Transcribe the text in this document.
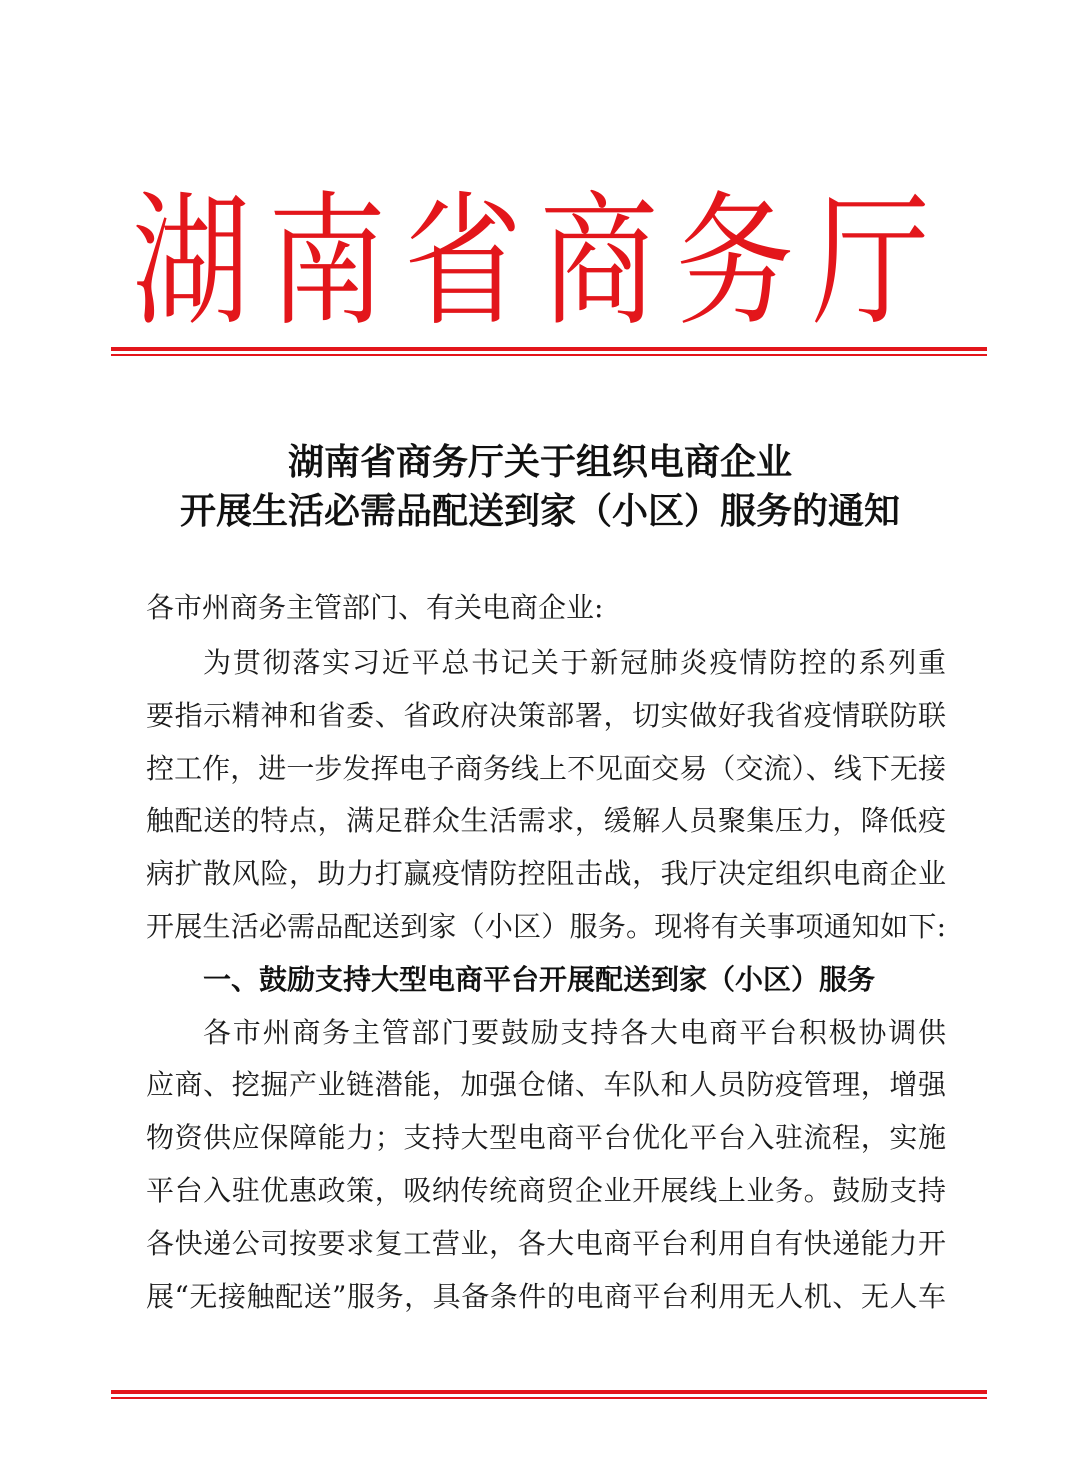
湖南省商务厅
湖南省商务厅关于组织电商企业
开展生活必需品配送到家（小区）服务的通知
各市州商务主管部门、有关电商企业:
为贯彻落实习近平总书记关于新冠肺炎疫情防控的系列重
要指示精神和省委、省政府决策部署，切实做好我省疫情联防联
控工作，进一步发挥电子商务线上不见面交易（交流）、线下无接
触配送的特点，满足群众生活需求，缓解人员聚集压力，降低疫
病扩散风险，助力打赢疫情防控阻击战，我厅决定组织电商企业
开展生活必需品配送到家（小区）服务。现将有关事项通知如下:
一、鼓励支持大型电商平台开展配送到家（小区）服务
各市州商务主管部门要鼓励支持各大电商平台积极协调供
应商、挖掘产业链潜能，加强仓储、车队和人员防疫管理，增强
物资供应保障能力；支持大型电商平台优化平台入驻流程，实施
平台入驻优惠政策，吸纳传统商贸企业开展线上业务。鼓励支持
各快递公司按要求复工营业，各大电商平台利用自有快递能力开
展“无接触配送”服务，具备条件的电商平台利用无人机、无人车
